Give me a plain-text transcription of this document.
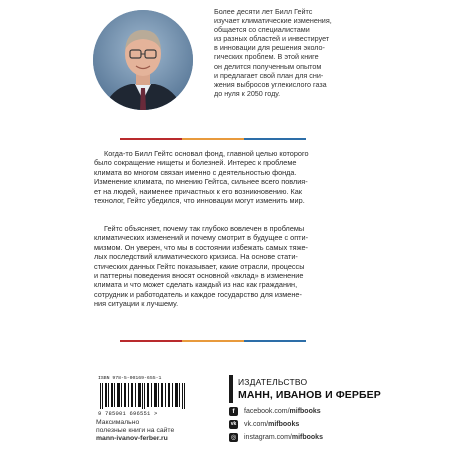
Более десяти лет Билл Гейтс

изучает климатические изменения,

общается со специалистами

из разных областей и инвестирует

в инновации для решения эколо-

гических проблем. В этой книге

он делится полученным опытом

и предлагает свой план для сни-

жения выбросов углекислого газа

до нуля к 2050 году.

Когда-то Билл Гейтс основал фонд, главной целью которого

было сокращение нищеты и болезней. Интерес к проблеме

климата во многом связан именно с деятельностью фонда.

Изменение климата, по мнению Гейтса, сильнее всего повлия-

ет на людей, наименее причастных к его возникновению. Как

технолог, Гейтс убедился, что инновации могут изменить мир.

Гейтс объясняет, почему так глубоко вовлечен в проблемы

климатических изменений и почему смотрит в будущее с опти-

мизмом. Он уверен, что мы в состоянии избежать самых тяже-

лых последствий климатического кризиса. На основе стати-

стических данных Гейтс показывает, какие отрасли, процессы

и паттерны поведения вносят основной «вклад» в изменение

климата и что может сделать каждый из нас как гражданин,

сотрудник и работодатель и каждое государство для измене-

ния ситуации к лучшему.

ISBN 978-5-00169-655-1
9 785001 696551 >
Максимально
полезные книги на сайте
mann-ivanov-ferber.ru
ИЗДАТЕЛЬСТВО
МАНН, ИВАНОВ И ФЕРБЕР
f facebook.com/mifbooks
vk vk.com/mifbooks
◎ instagram.com/mifbooks
